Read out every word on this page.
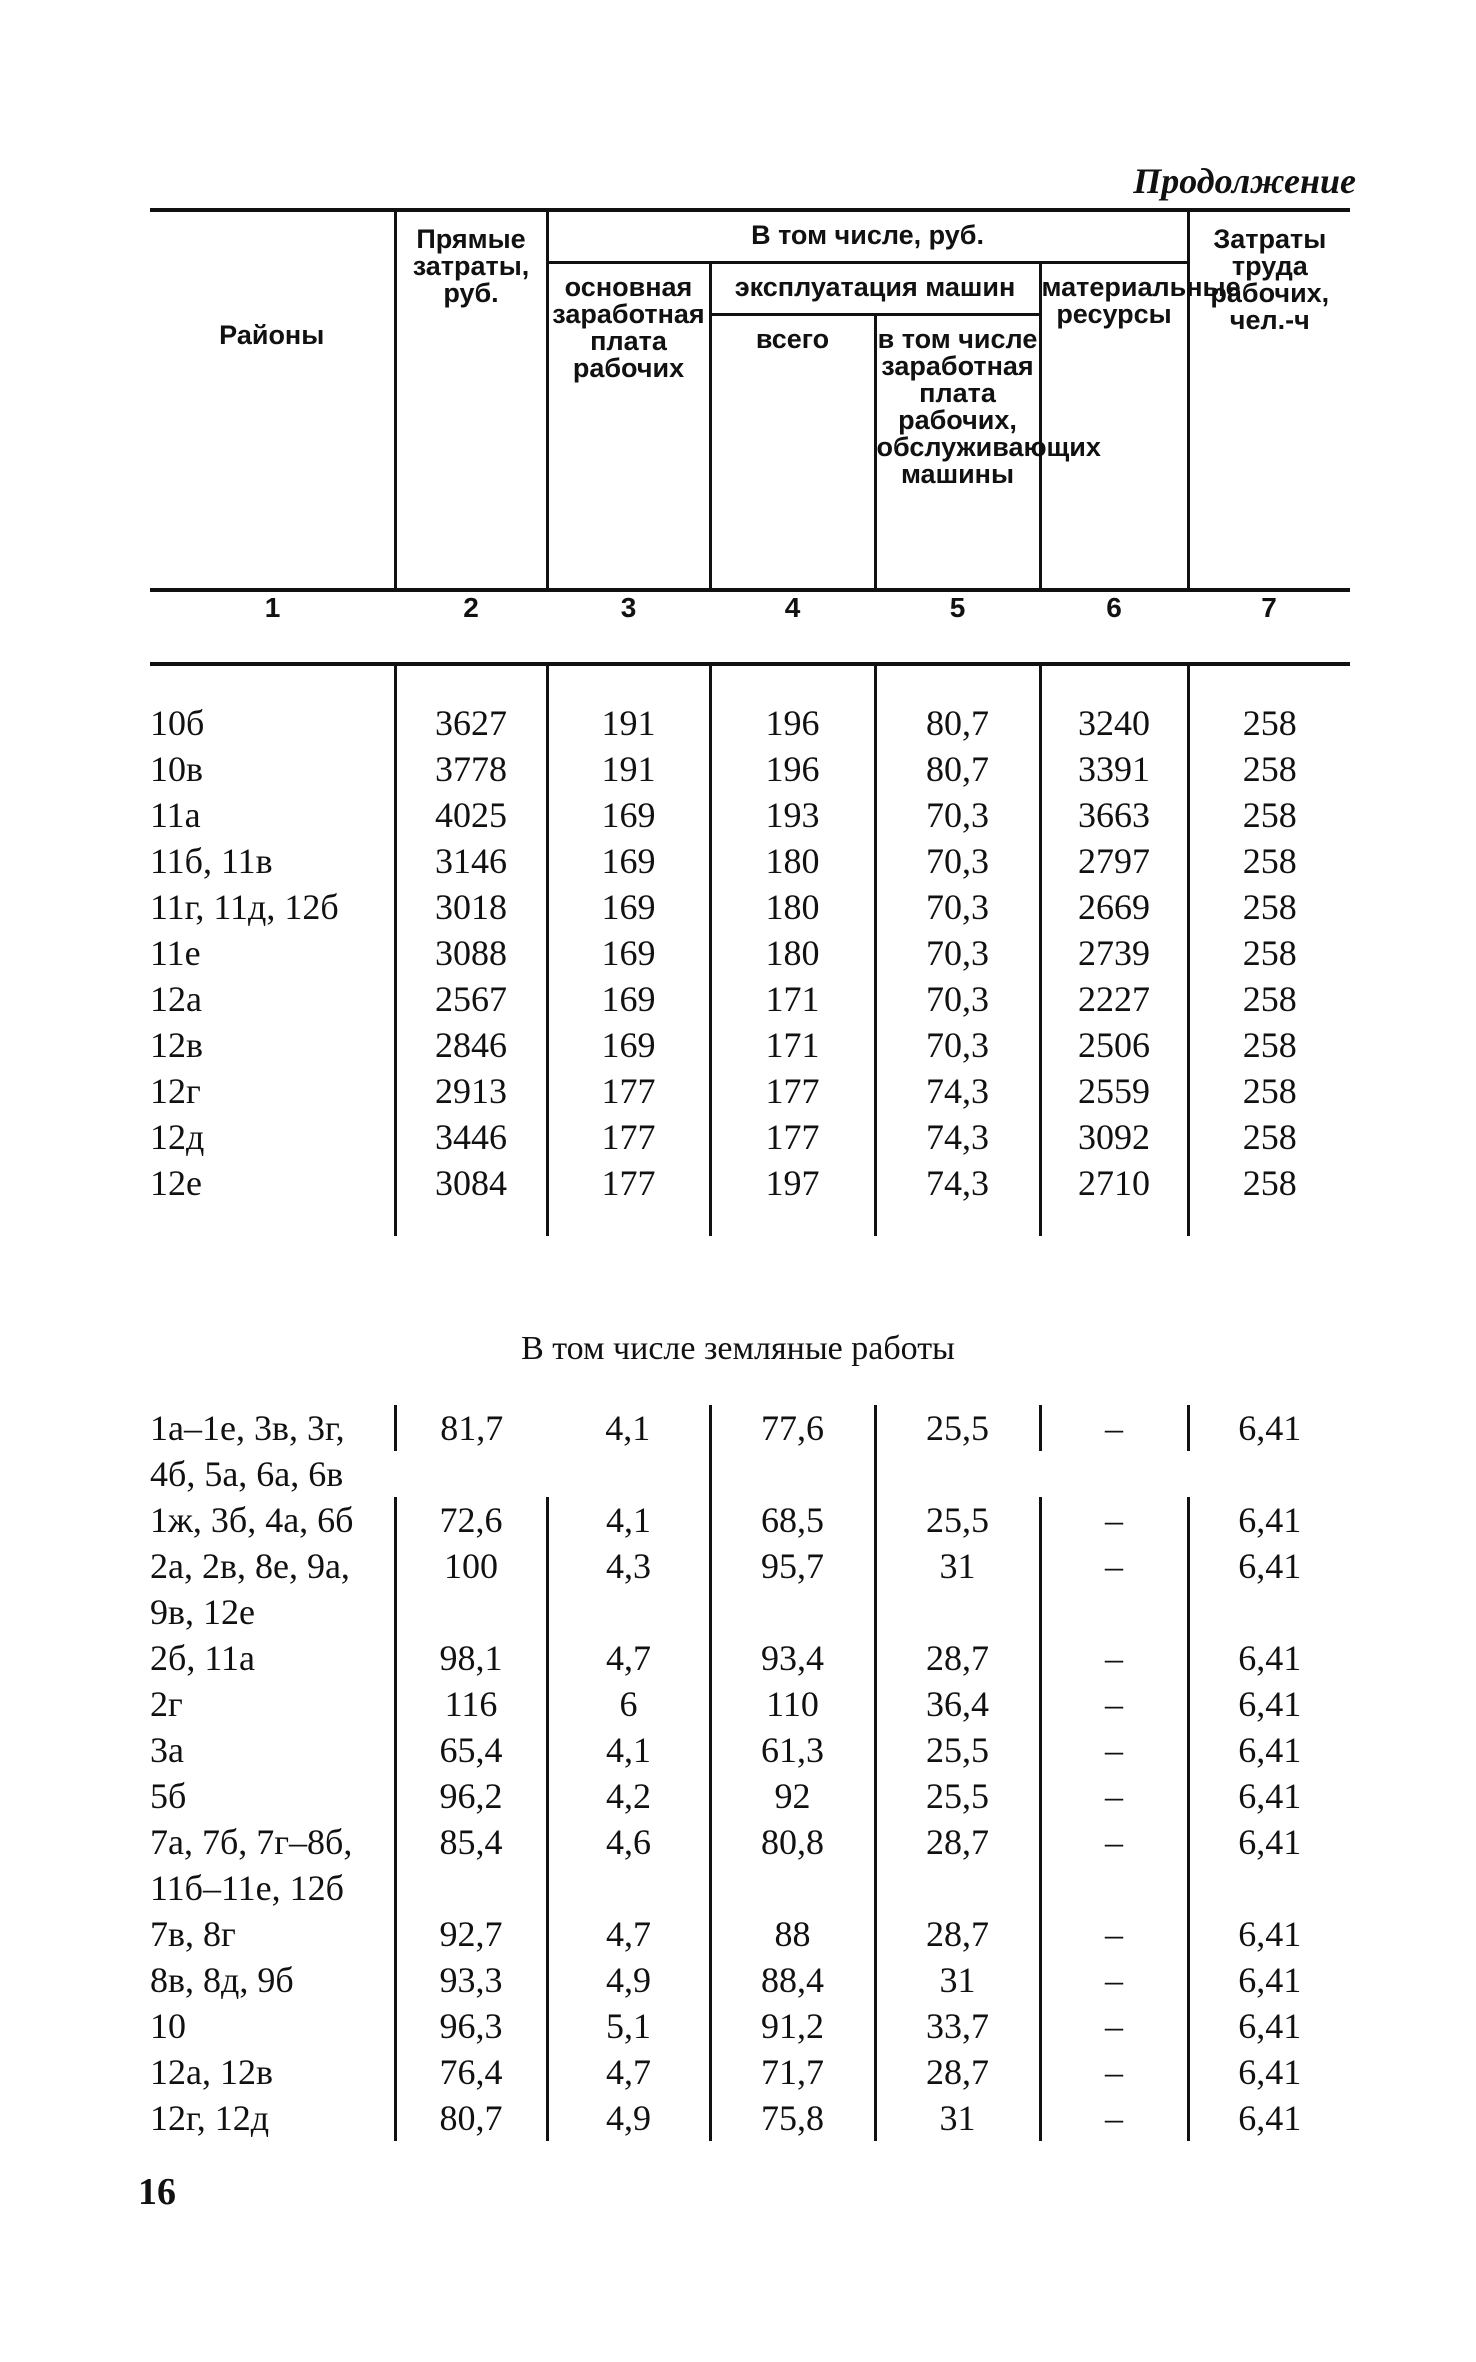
Продолжение
Районы	Прямые затраты, руб.	В том числе, руб.				Затраты труда рабочих, чел.-ч
		основная заработная плата рабочих	эксплуатация машин		материальные ресурсы	
			всего	в том числе заработная плата рабочих, обслуживающих машины		
1	2	3	4	5	6	7

10б	3627	191	196	80,7	3240	258
10в	3778	191	196	80,7	3391	258
11а	4025	169	193	70,3	3663	258
11б, 11в	3146	169	180	70,3	2797	258
11г, 11д, 12б	3018	169	180	70,3	2669	258
11е	3088	169	180	70,3	2739	258
12а	2567	169	171	70,3	2227	258
12в	2846	169	171	70,3	2506	258
12г	2913	177	177	74,3	2559	258
12д	3446	177	177	74,3	3092	258
12е	3084	177	197	74,3	2710	258

В том числе земляные работы
1а–1е, 3в, 3г,	81,7	4,1	77,6	25,5	–	6,41
4б, 5а, 6а, 6в						
1ж, 3б, 4а, 6б	72,6	4,1	68,5	25,5	–	6,41
2а, 2в, 8е, 9а,	100	4,3	95,7	31	–	6,41
9в, 12е						
2б, 11а	98,1	4,7	93,4	28,7	–	6,41
2г	116	6	110	36,4	–	6,41
3а	65,4	4,1	61,3	25,5	–	6,41
5б	96,2	4,2	92	25,5	–	6,41
7а, 7б, 7г–8б,	85,4	4,6	80,8	28,7	–	6,41
11б–11е, 12б						
7в, 8г	92,7	4,7	88	28,7	–	6,41
8в, 8д, 9б	93,3	4,9	88,4	31	–	6,41
10	96,3	5,1	91,2	33,7	–	6,41
12а, 12в	76,4	4,7	71,7	28,7	–	6,41
12г, 12д	80,7	4,9	75,8	31	–	6,41
16
